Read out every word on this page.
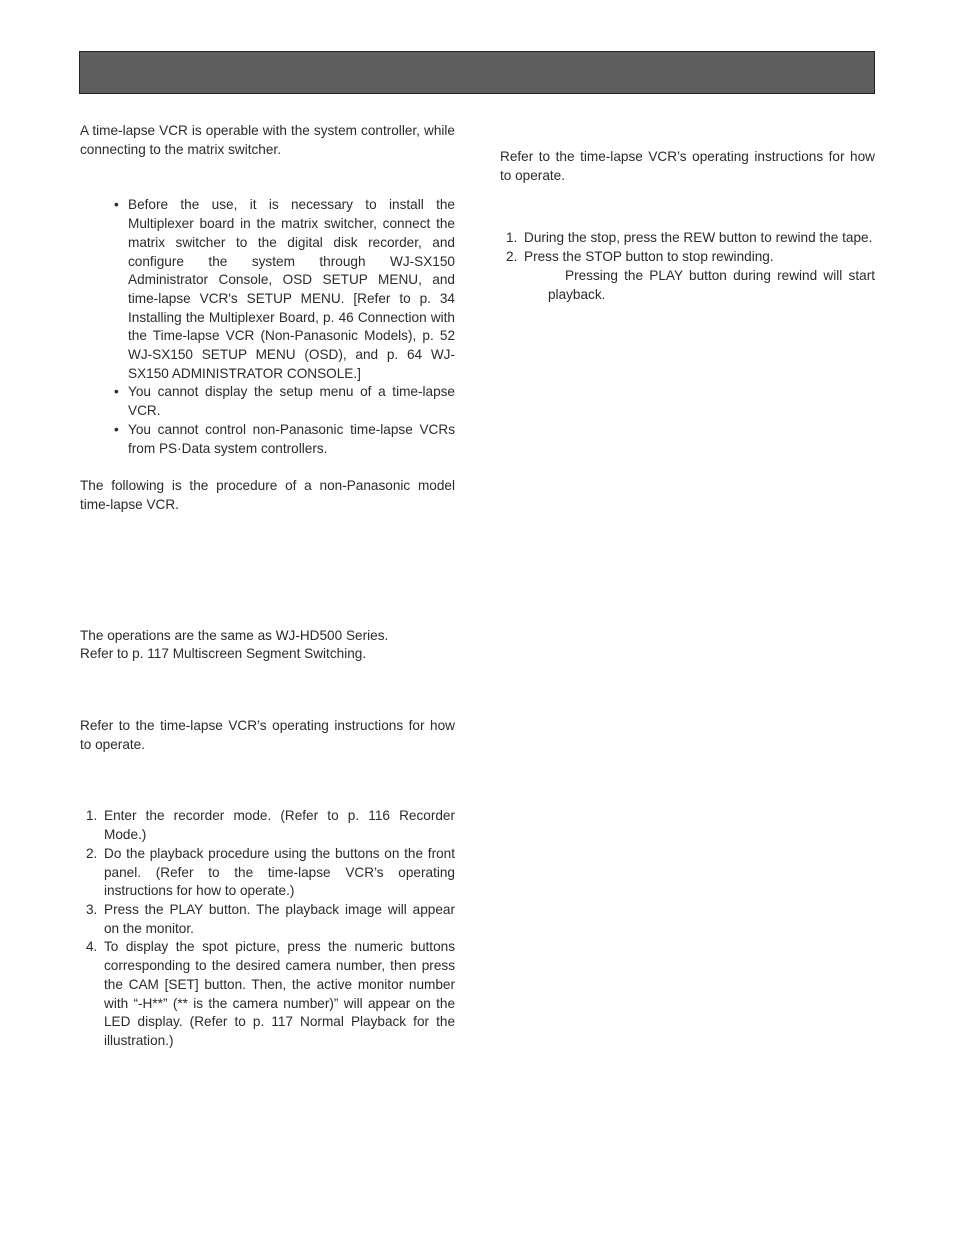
A time-lapse VCR is operable with the system controller, while connecting to the matrix switcher.

• Before the use, it is necessary to install the Multiplexer board in the matrix switcher, connect the matrix switcher to the digital disk recorder, and configure the system through WJ-SX150 Administrator Console, OSD SETUP MENU, and time-lapse VCR's SETUP MENU. [Refer to p. 34 Installing the Multiplexer Board, p. 46 Connection with the Time-lapse VCR (Non-Panasonic Models), p. 52 WJ-SX150 SETUP MENU (OSD), and p. 64 WJ-SX150 ADMINISTRATOR CONSOLE.]
• You cannot display the setup menu of a time-lapse VCR.
• You cannot control non-Panasonic time-lapse VCRs from PS·Data system controllers.

The following is the procedure of a non-Panasonic model time-lapse VCR.

The operations are the same as WJ-HD500 Series.

Refer to p. 117 Multiscreen Segment Switching.

Refer to the time-lapse VCR’s operating instructions for how to operate.

1. Enter the recorder mode. (Refer to p. 116 Recorder Mode.)
2. Do the playback procedure using the buttons on the front panel. (Refer to the time-lapse VCR’s operating instructions for how to operate.)
3. Press the PLAY button. The playback image will appear on the monitor.
4. To display the spot picture, press the numeric buttons corresponding to the desired camera number, then press the CAM [SET] button. Then, the active monitor number with “-H**” (** is the camera number)” will appear on the LED display. (Refer to p. 117 Normal Playback for the illustration.)

Refer to the time-lapse VCR’s operating instructions for how to operate.

1. During the stop, press the REW button to rewind the tape.
2. Press the STOP button to stop rewinding.

Pressing the PLAY button during rewind will start playback.
